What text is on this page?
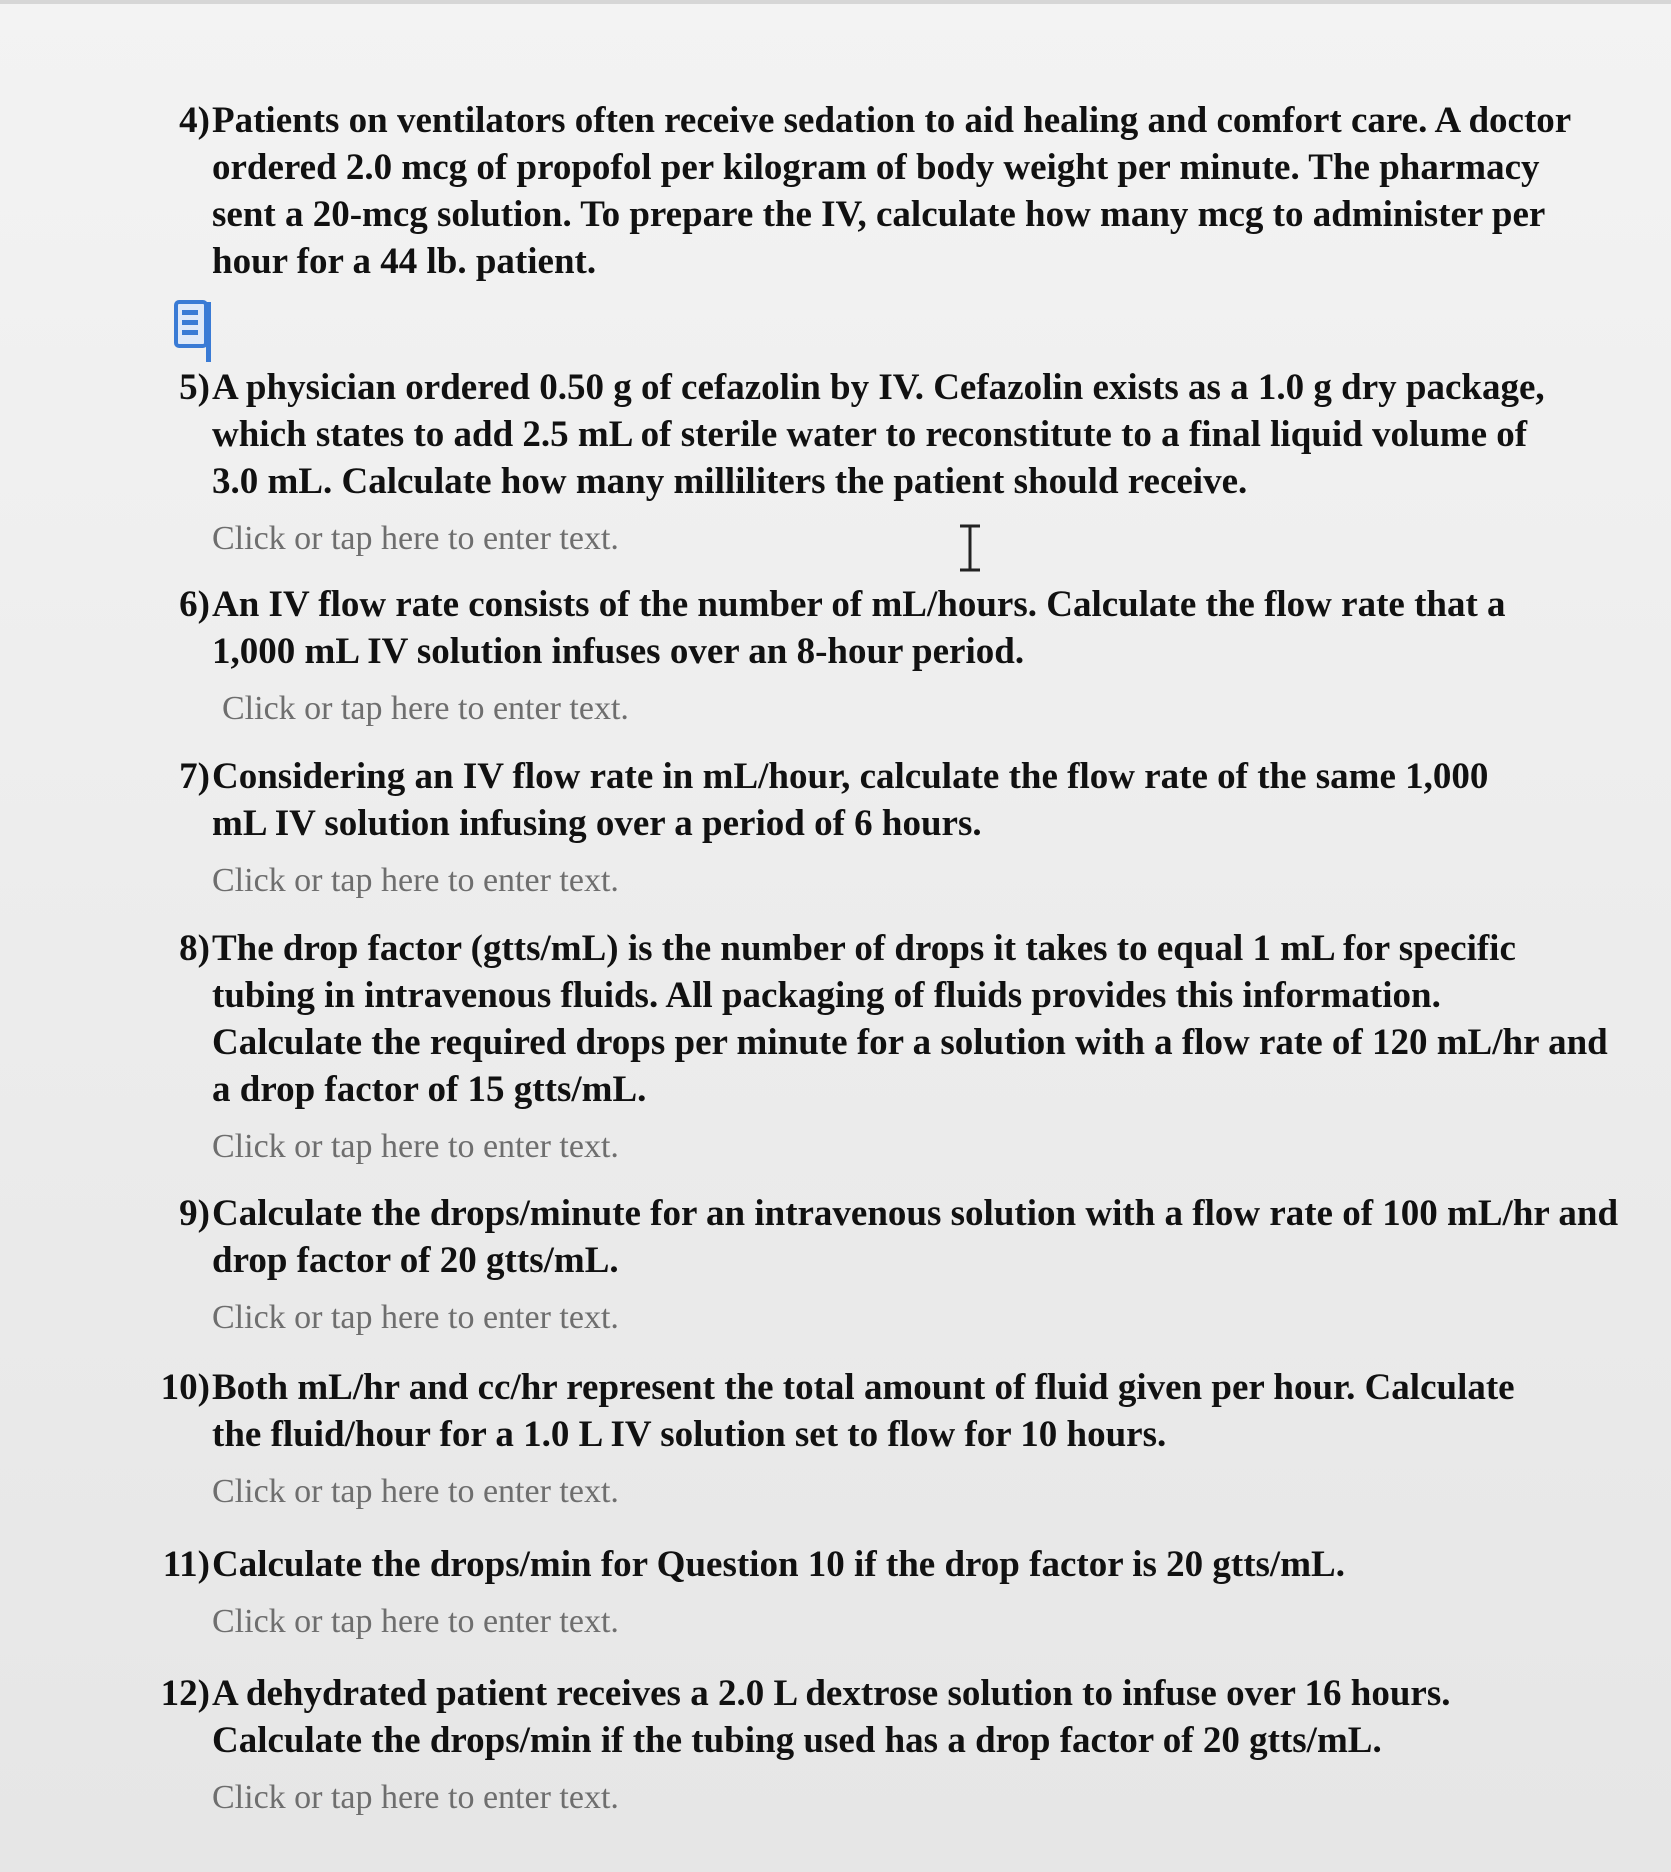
4) Patients on ventilators often receive sedation to aid healing and comfort care. A doctor
ordered 2.0 mcg of propofol per kilogram of body weight per minute. The pharmacy
sent a 20-mcg solution. To prepare the IV, calculate how many mcg to administer per
hour for a 44 lb. patient.
5) A physician ordered 0.50 g of cefazolin by IV. Cefazolin exists as a 1.0 g dry package,
which states to add 2.5 mL of sterile water to reconstitute to a final liquid volume of
3.0 mL. Calculate how many milliliters the patient should receive.
Click or tap here to enter text.
6) An IV flow rate consists of the number of mL/hours. Calculate the flow rate that a
1,000 mL IV solution infuses over an 8-hour period.
Click or tap here to enter text.
7) Considering an IV flow rate in mL/hour, calculate the flow rate of the same 1,000
mL IV solution infusing over a period of 6 hours.
Click or tap here to enter text.
8) The drop factor (gtts/mL) is the number of drops it takes to equal 1 mL for specific
tubing in intravenous fluids. All packaging of fluids provides this information.
Calculate the required drops per minute for a solution with a flow rate of 120 mL/hr and
a drop factor of 15 gtts/mL.
Click or tap here to enter text.
9) Calculate the drops/minute for an intravenous solution with a flow rate of 100 mL/hr and
drop factor of 20 gtts/mL.
Click or tap here to enter text.
10) Both mL/hr and cc/hr represent the total amount of fluid given per hour. Calculate
the fluid/hour for a 1.0 L IV solution set to flow for 10 hours.
Click or tap here to enter text.
11) Calculate the drops/min for Question 10 if the drop factor is 20 gtts/mL.
Click or tap here to enter text.
12) A dehydrated patient receives a 2.0 L dextrose solution to infuse over 16 hours.
Calculate the drops/min if the tubing used has a drop factor of 20 gtts/mL.
Click or tap here to enter text.
